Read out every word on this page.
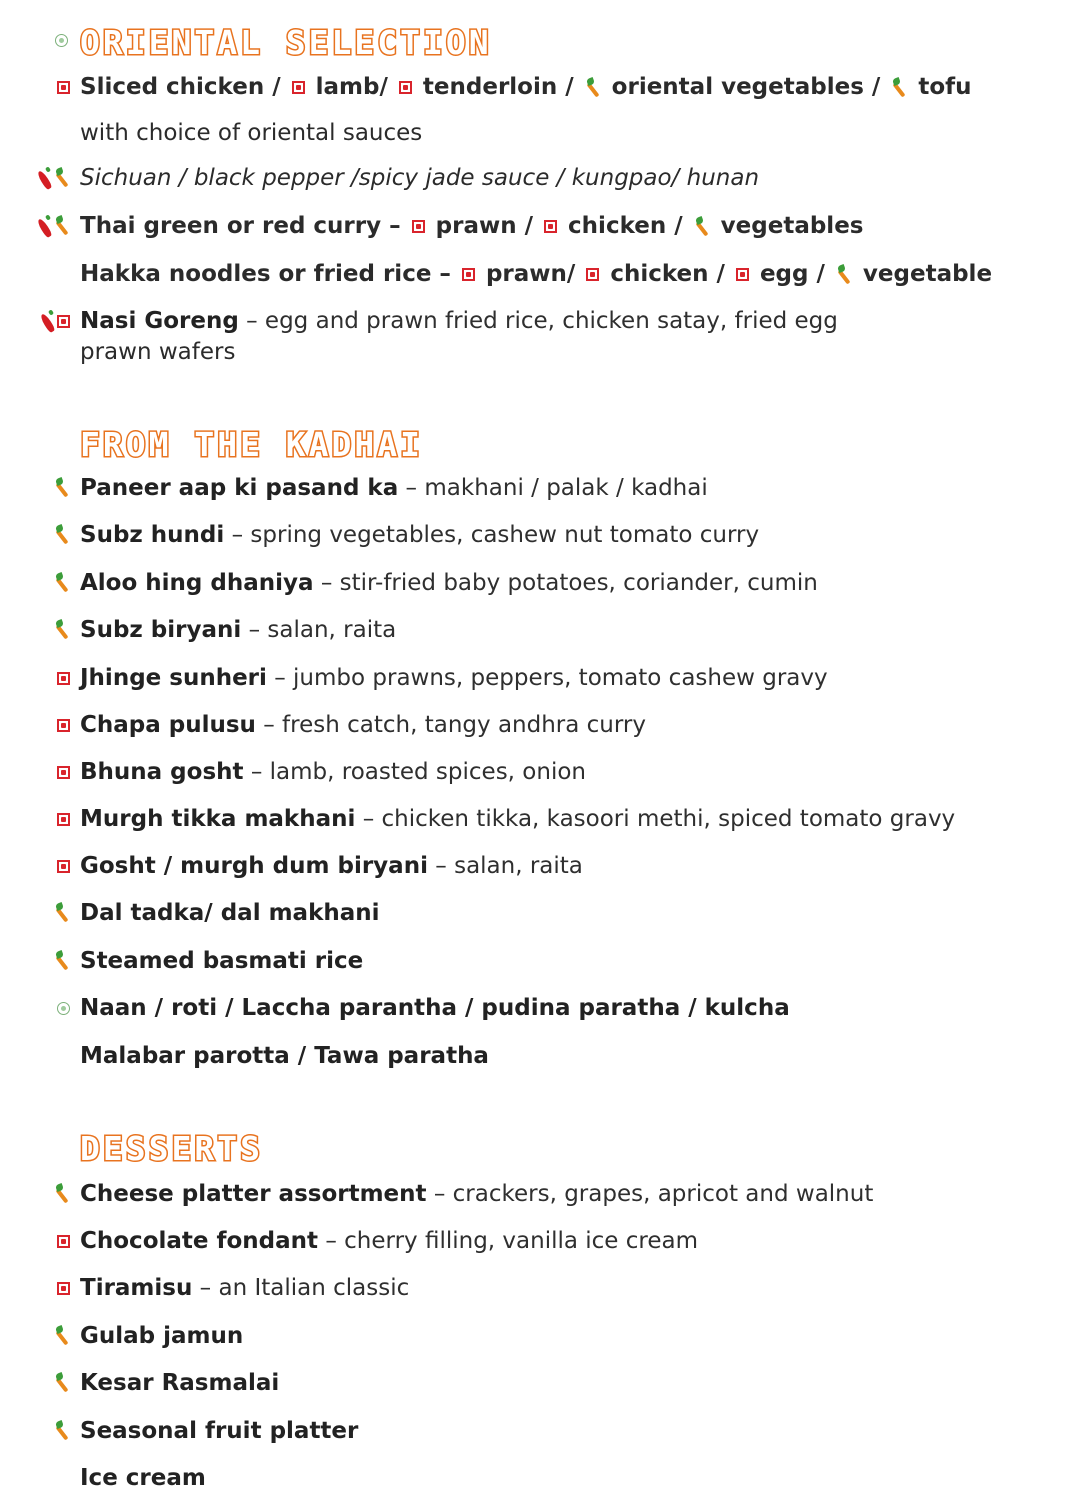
ORIENTAL SELECTION
Sliced chicken /  lamb/  tenderloin /  oriental vegetables /  tofu
with choice of oriental sauces
Sichuan / black pepper /spicy jade sauce / kungpao/ hunan
Thai green or red curry –  prawn /  chicken / vegetables
Hakka noodles or fried rice – prawn/  chicken /  egg / vegetable
Nasi Goreng – egg and prawn fried rice, chicken satay, fried egg
prawn wafers
FROM THE KADHAI
Paneer aap ki pasand ka – makhani / palak / kadhai
Subz hundi – spring vegetables, cashew nut tomato curry
Aloo hing dhaniya – stir-fried baby potatoes, coriander, cumin
Subz biryani – salan, raita
Jhinge sunheri – jumbo prawns, peppers, tomato cashew gravy
Chapa pulusu – fresh catch, tangy andhra curry
Bhuna gosht – lamb, roasted spices, onion
Murgh tikka makhani – chicken tikka, kasoori methi, spiced tomato gravy
Gosht / murgh dum biryani – salan, raita
Dal tadka/ dal makhani
Steamed basmati rice
Naan / roti / Laccha parantha / pudina paratha / kulcha
Malabar parotta / Tawa paratha
DESSERTS
Cheese platter assortment – crackers, grapes, apricot and walnut
Chocolate fondant – cherry filling, vanilla ice cream
Tiramisu – an Italian classic
Gulab jamun
Kesar Rasmalai
Seasonal fruit platter
Ice cream
